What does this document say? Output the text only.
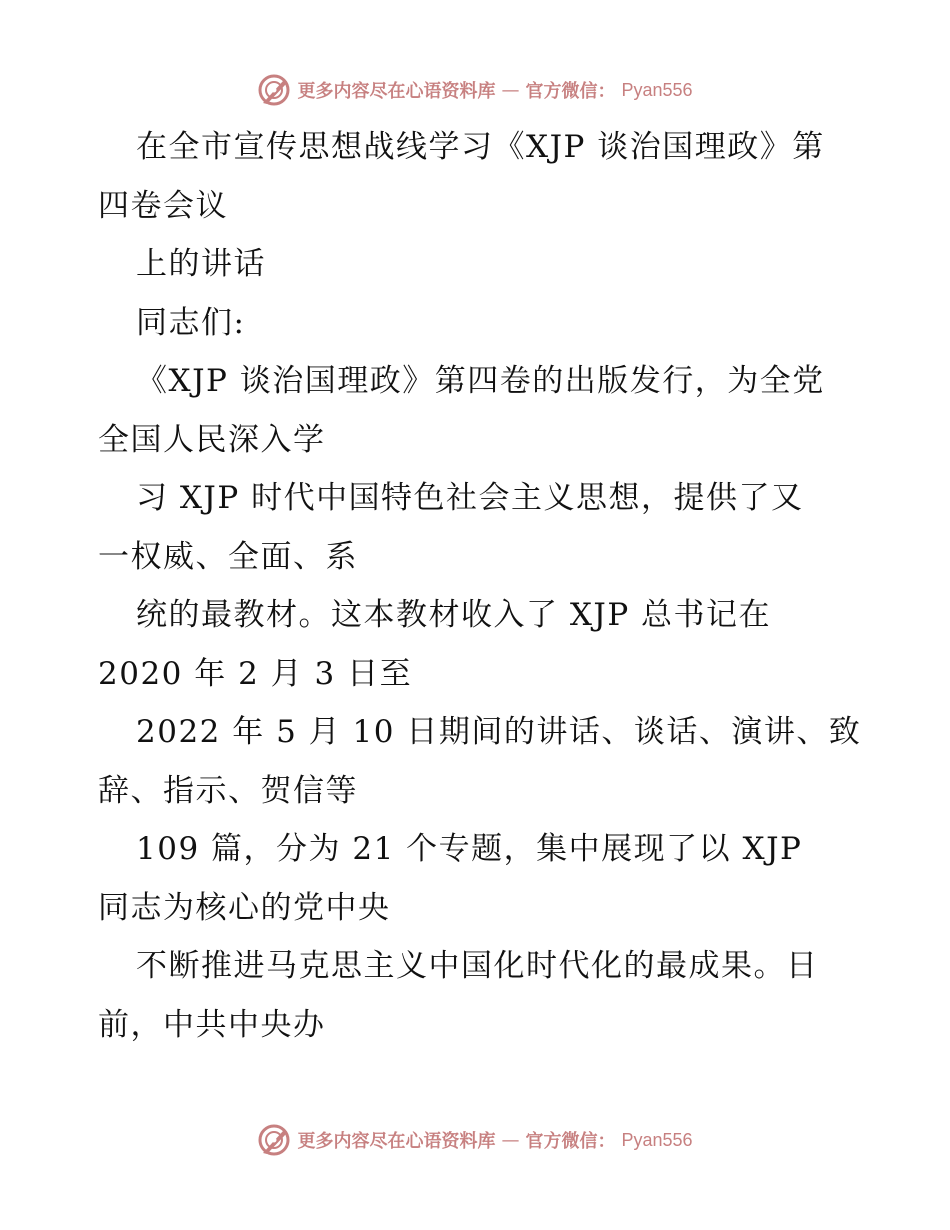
更多内容尽在心语资料库 — 官方微信： Pyan556
在全市宣传思想战线学习《XJP 谈治国理政》第
四卷会议
上的讲话
同志们:
《XJP 谈治国理政》第四卷的出版发行，为全党
全国人民深入学
习 XJP 时代中国特色社会主义思想，提供了又
一权威、全面、系
统的最教材。这本教材收入了 XJP 总书记在
2020 年 2 月 3 日至
2022 年 5 月 10 日期间的讲话、谈话、演讲、致
辞、指示、贺信等
109 篇，分为 21 个专题，集中展现了以 XJP
同志为核心的党中央
不断推进马克思主义中国化时代化的最成果。日
前，中共中央办
更多内容尽在心语资料库 — 官方微信： Pyan556
